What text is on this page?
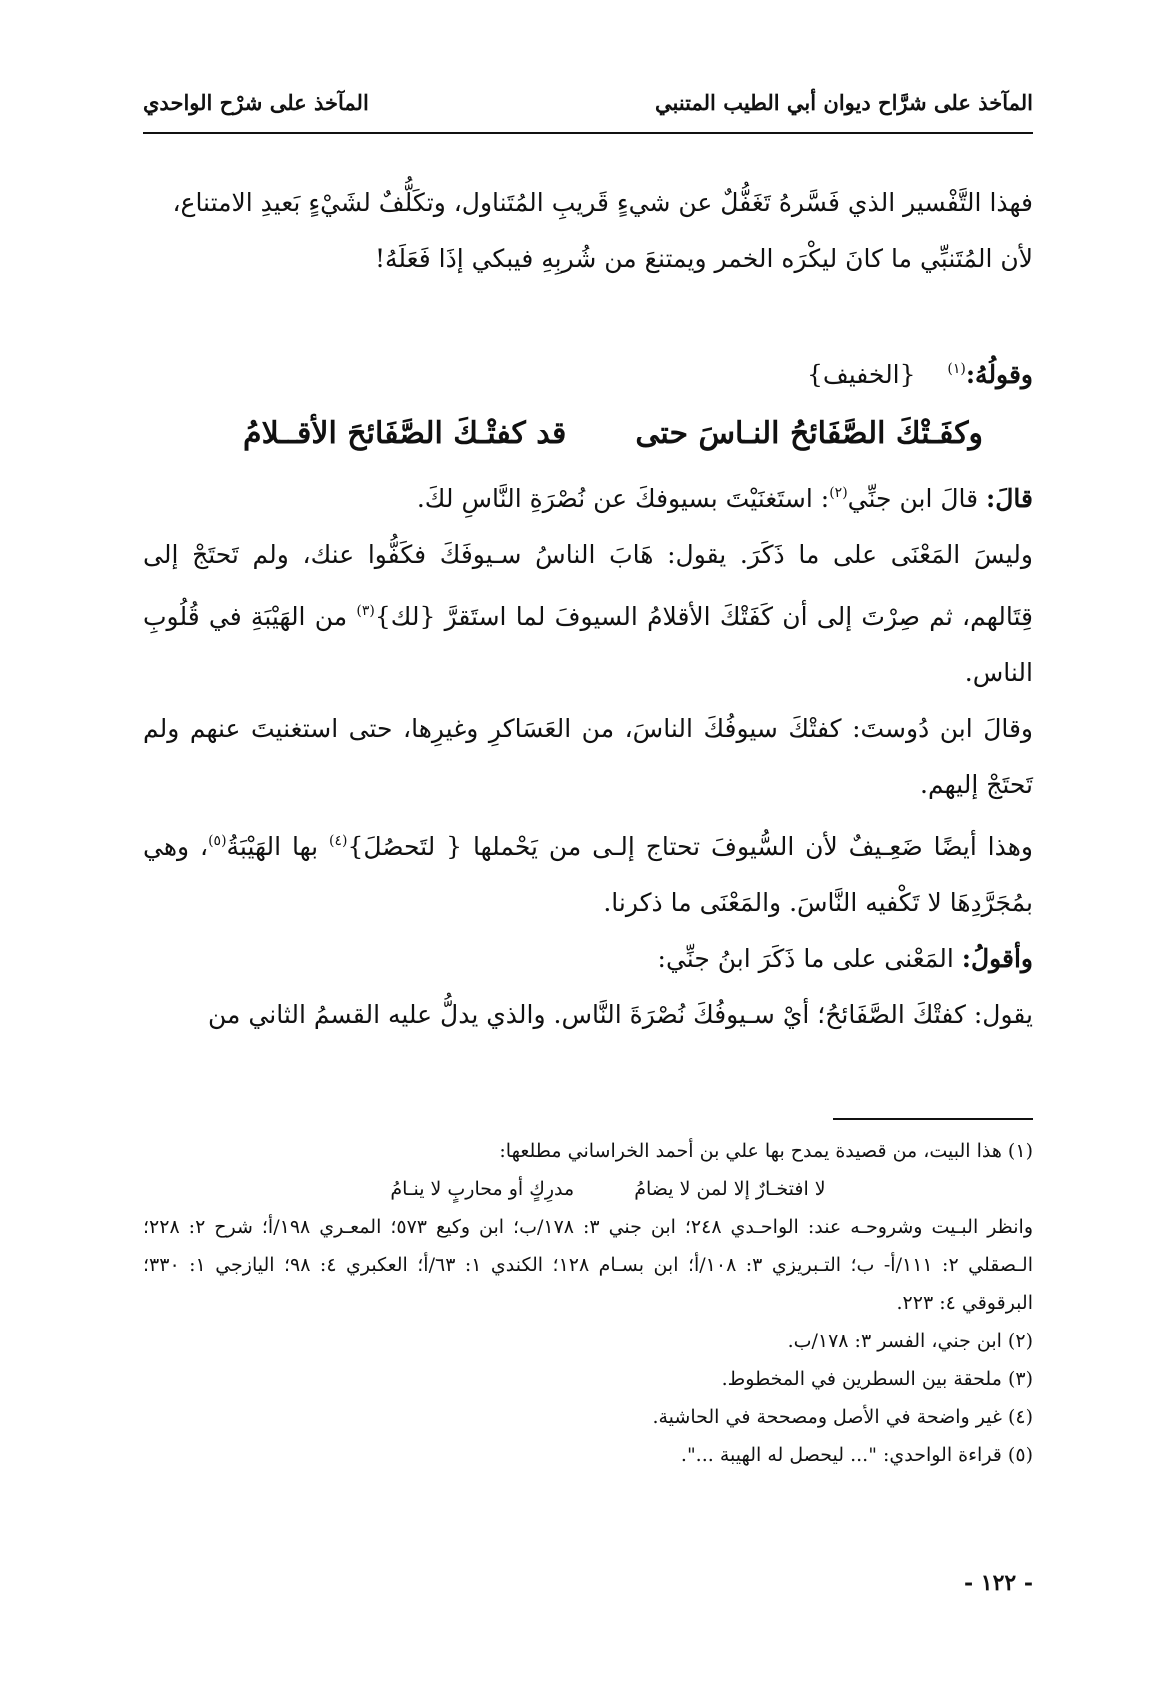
المآخذ على شرَّاح ديوان أبي الطيب المتنبي
المآخذ على شرْح الواحدي

فهذا التَّفْسير الذي فَسَّرهُ تَغَفُّلٌ عن شيءٍ قَريبِ المُتَناول، وتكَلُّفٌ لشَيْءٍ بَعيدِ الامتناع،

لأن المُتَنبِّي ما كانَ ليكْرَه الخمر ويمتنعَ من شُربِهِ فيبكي إذَا فَعَلَهُ!

وقولُهُ:$^{(١)}$    {الخفيف}

وكفَـتْكَ الصَّفَائحُ النـاسَ حتى
قد كفتْـكَ الصَّفَائحَ الأقــلامُ

قالَ: قالَ ابن جنِّي$^{(٢)}$: استَغنَيْتَ بسيوفكَ عن نُصْرَةِ النَّاسِ لكَ.

وليسَ المَعْنَى على ما ذَكَرَ. يقول: هَابَ الناسُ سـيوفَكَ فكَفُّوا عنك، ولم تَحتَجْ إلى قِتَالهم، ثم صِرْتَ إلى أن كَفَتْكَ الأقلامُ السيوفَ لما استَقرَّ {لك}$^{(٣)}$ من الهَيْبَةِ في قُلُوبِ الناس.

وقالَ ابن دُوستَ: كفتْكَ سيوفُكَ الناسَ، من العَسَاكرِ وغيرِها، حتى استغنيتَ عنهم ولم تَحتَجْ إليهم.

وهذا أيضًا ضَعِـيفٌ لأن السُّيوفَ تحتاج إلـى من يَحْملها { لتَحصُلَ}$^{(٤)}$ بها الهَيْبَةُ$^{(٥)}$، وهي بمُجَرَّدِهَا لا تَكْفيه النَّاسَ. والمَعْنَى ما ذكرنا.

وأقولُ: المَعْنى على ما ذَكَرَ ابنُ جنِّي:

يقول: كفتْكَ الصَّفَائحُ؛ أيْ سـيوفُكَ نُصْرَةَ النَّاس. والذي يدلُّ عليه القسمُ الثاني من

(١) هذا البيت، من قصيدة يمدح بها علي بن أحمد الخراساني مطلعها:

لا افتخـارٌ إلا لمن لا يضامُ
مدرِكٍ أو محاربٍ لا ينـامُ

وانظر البـيت وشروحـه عند: الواحـدي ٢٤٨؛ ابن جني ٣: ١٧٨/ب؛ ابن وكيع ٥٧٣؛ المعـري ١٩٨/أ؛ شرح ٢: ٢٢٨؛ الـصقلي ٢: ١١١/أ- ب؛ التـبريزي ٣: ١٠٨/أ؛ ابن بسـام ١٢٨؛ الكندي ١: ٦٣/أ؛ العكبري ٤: ٩٨؛ اليازجي ١: ٣٣٠؛ البرقوقي ٤: ٢٢٣.

(٢) ابن جني، الفسر ٣: ١٧٨/ب.

(٣) ملحقة بين السطرين في المخطوط.

(٤) غير واضحة في الأصل ومصححة في الحاشية.

(٥) قراءة الواحدي: "... ليحصل له الهيبة ...".

- ١٢٢ -
